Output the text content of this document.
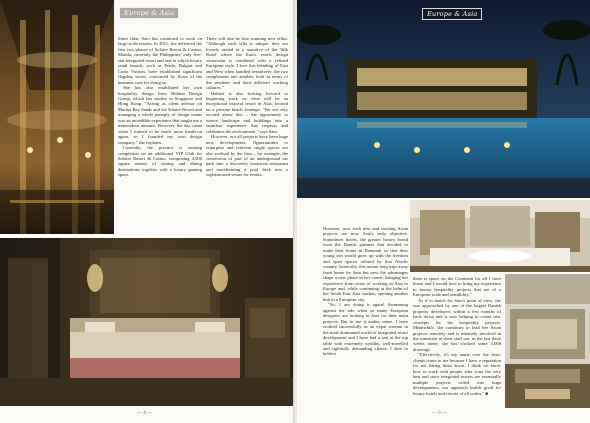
Since then, Sato has continued to work on large-scale resorts. In 2011, she delivered the first two phases of Solaire Resort & Casino, Manila, currently the Philippines' only five-star integrated resort and one in which luxury retail brands, such as Prada, Bulgari and Louis Vuitton, have established significant flagship stores, convinced by flows of the business case for doing so.

She has also established her own hospitality design firm, Habitat Design Group, which has studios in Singapore and Hong Kong. "Acting as client advisor on Marina Bay Sands and the Solaire Resort and managing a whole panoply of design teams was an incredible experience that taught me a tremendous amount. However, the day came when I wanted to be much more hands-on again, so I founded my own design company," she explains.

Currently, the practice is nearing completion on an additional VIP Club for Solaire Resort & Casino, comprising 4,000 square metres of wining and dining destinations together with a luxury gaming space.

There will also be four stunning new villas. "Although each villa is unique, they are loosely united in a narrative of the 'Silk Road' where the East's exotic design vernacular is combined with a refined European style. I love this blending of East and West when handled sensitively: the two complement one another, both in terms of the aesthetic and their different working cultures."

Habitat is also looking forward to beginning work on what will be an exceptional tropical resort in Asia, located on a pristine beach frontage. "We are very excited about this – the opportunity to weave landscape and buildings into a seamless experience that respects and celebrates the environment," says Sato.

However, not all projects have been huge new developments. Opportunities to repurpose and reinvent single spaces are also realised by the firm – for example, the conversion of part of an underground car park into a discreetly luxurious restaurant and transforming a pool deck into a sophisticated venue for events.

Europe & Asia
— 4 —
Europe & Asia

However, now each new and existing Asian projects are now Asia's truly objective. Sometimes hotels, the greater luxury brand from the Danish partners that decided to make their home in Denmark so that their young son would grow up with the freedom and open spaces offered by that Nordic country. Ironically, this meant long trips away from home for Sato but now the advantages shape a new phase in her career, bringing her experience from years of working in Asia to Europe and, while continuing at the helm of her South East Asia studios, opening another hub in a European city.

"So, I am doing it again! Swimming against the tide when so many European designers are looking to Asia for their main projects. But to me it makes sense. I have worked successfully as an expat woman in the male dominated world of integrated resort development and I have had a seat at the top table with extremely wealthy, well-travelled and rightfully demanding clients. I dare to believe

there is space on the Continent for all I have learnt and I would love to bring my experience to luxury hospitality projects that are of a European scale and sensibility."

As if to match for Sato's point of view, she was approached by one of the largest Danish property developers within a few months of back down and is now helping to create new concepts for his hospitality projects. Meanwhile, she continues to lead her Asian projects remotely and is intensely involved in the transition of their staff out, in the last three weeks alone, she has clocked some 3,000 drawings.

"Effectively, it's my name over the door; clients come to me because I have a reputation for not letting them down. I think we know how to work with people who want the very best and since integrated resorts are essentially multiple projects rolled into huge developments, our approach builds good for luxury hotels and resorts of all scales." ■

— 5 —
